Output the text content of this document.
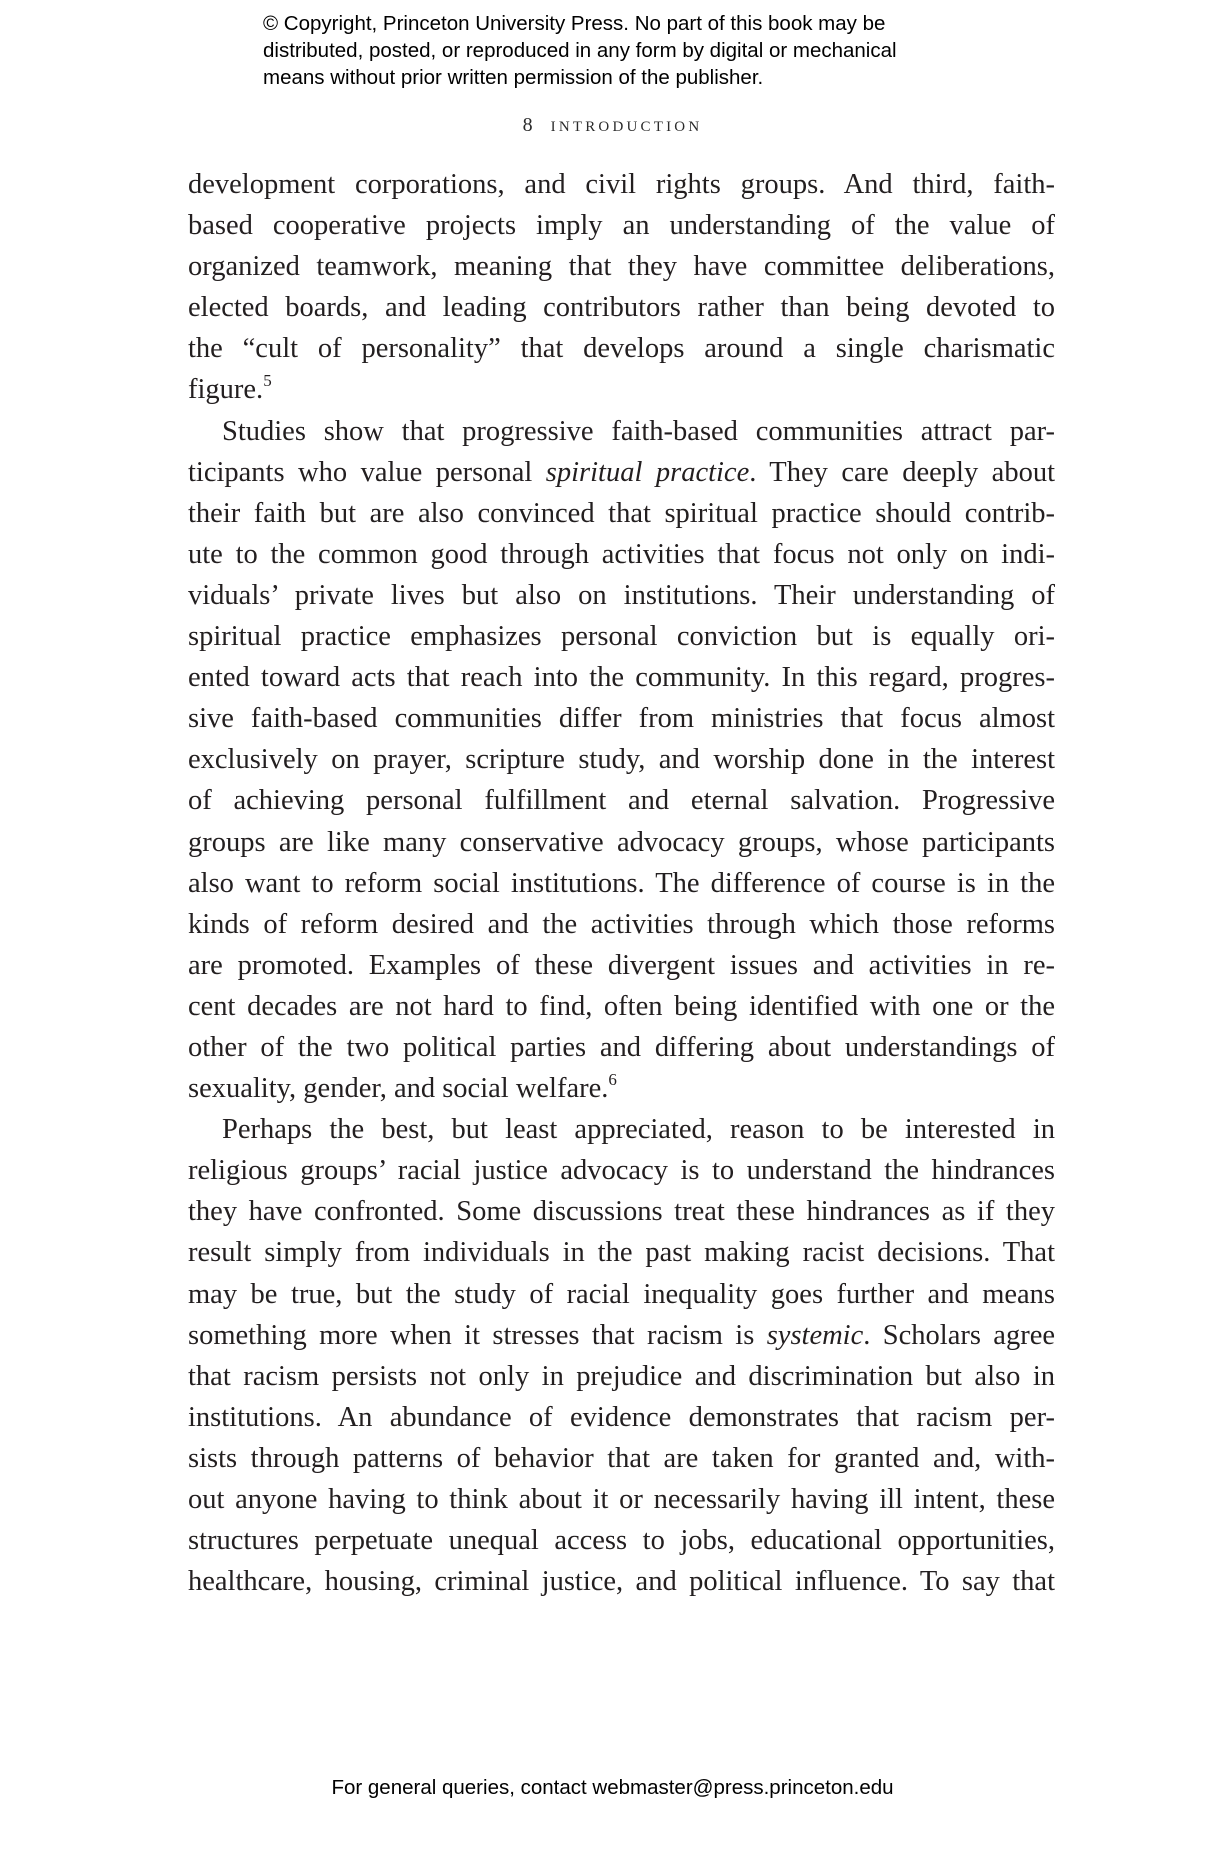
© Copyright, Princeton University Press. No part of this book may be
distributed, posted, or reproduced in any form by digital or mechanical
means without prior written permission of the publisher.
8 introduction
development corporations, and civil rights groups. And third, faith-
based cooperative projects imply an understanding of the value of
organized teamwork, meaning that they have committee deliberations,
elected boards, and leading contributors rather than being devoted to
the “cult of personality” that develops around a single charismatic
figure.$^5$
Studies show that progressive faith-based communities attract par-
ticipants who value personal spiritual practice. They care deeply about
their faith but are also convinced that spiritual practice should contrib-
ute to the common good through activities that focus not only on indi-
viduals’ private lives but also on institutions. Their understanding of
spiritual practice emphasizes personal conviction but is equally ori-
ented toward acts that reach into the community. In this regard, progres-
sive faith-based communities differ from ministries that focus almost
exclusively on prayer, scripture study, and worship done in the interest
of achieving personal fulfillment and eternal salvation. Progressive
groups are like many conservative advocacy groups, whose participants
also want to reform social institutions. The difference of course is in the
kinds of reform desired and the activities through which those reforms
are promoted. Examples of these divergent issues and activities in re-
cent decades are not hard to find, often being identified with one or the
other of the two political parties and differing about understandings of
sexuality, gender, and social welfare.$^6$
Perhaps the best, but least appreciated, reason to be interested in
religious groups’ racial justice advocacy is to understand the hindrances
they have confronted. Some discussions treat these hindrances as if they
result simply from individuals in the past making racist decisions. That
may be true, but the study of racial inequality goes further and means
something more when it stresses that racism is systemic. Scholars agree
that racism persists not only in prejudice and discrimination but also in
institutions. An abundance of evidence demonstrates that racism per-
sists through patterns of behavior that are taken for granted and, with-
out anyone having to think about it or necessarily having ill intent, these
structures perpetuate unequal access to jobs, educational opportunities,
healthcare, housing, criminal justice, and political influence. To say that
For general queries, contact webmaster@press.princeton.edu
